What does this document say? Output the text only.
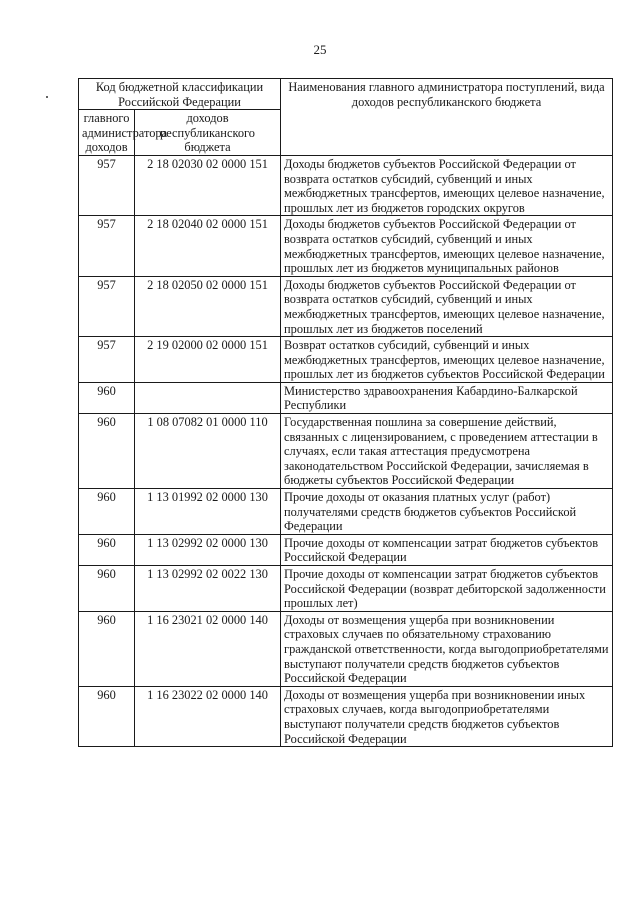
25
Код бюджетной классификации Российской Федерации		Наименования главного администратора поступлений, вида доходов республиканского бюджета
главного администратора доходов	доходов республиканского бюджета	
957	2 18 02030 02 0000 151	Доходы бюджетов субъектов Российской Федерации от возврата остатков субсидий, субвенций и иных межбюджетных трансфертов, имеющих целевое назначение, прошлых лет из бюджетов городских округов
957	2 18 02040 02 0000 151	Доходы бюджетов субъектов Российской Федерации от возврата остатков субсидий, субвенций и иных межбюджетных трансфертов, имеющих целевое назначение, прошлых лет из бюджетов муниципальных районов
957	2 18 02050 02 0000 151	Доходы бюджетов субъектов Российской Федерации от возврата остатков субсидий, субвенций и иных межбюджетных трансфертов, имеющих целевое назначение, прошлых лет из бюджетов поселений
957	2 19 02000 02 0000 151	Возврат остатков субсидий, субвенций и иных межбюджетных трансфертов, имеющих целевое назначение, прошлых лет из бюджетов субъектов Российской Федерации
960		Министерство здравоохранения Кабардино-Балкарской Республики
960	1 08 07082 01 0000 110	Государственная пошлина за совершение действий, связанных с лицензированием, с проведением аттестации в случаях, если такая аттестация предусмотрена законодательством Российской Федерации, зачисляемая в бюджеты субъектов Российской Федерации
960	1 13 01992 02 0000 130	Прочие доходы от оказания платных услуг (работ) получателями средств бюджетов субъектов Российской Федерации
960	1 13 02992 02 0000 130	Прочие доходы от компенсации затрат бюджетов субъектов Российской Федерации
960	1 13 02992 02 0022 130	Прочие доходы от компенсации затрат бюджетов субъектов Российской Федерации (возврат дебиторской задолженности прошлых лет)
960	1 16 23021 02 0000 140	Доходы от возмещения ущерба при возникновении страховых случаев по обязательному страхованию гражданской ответственности, когда выгодоприобретателями выступают получатели средств бюджетов субъектов Российской Федерации
960	1 16 23022 02 0000 140	Доходы от возмещения ущерба при возникновении иных страховых случаев, когда выгодоприобретателями выступают получатели средств бюджетов субъектов Российской Федерации
